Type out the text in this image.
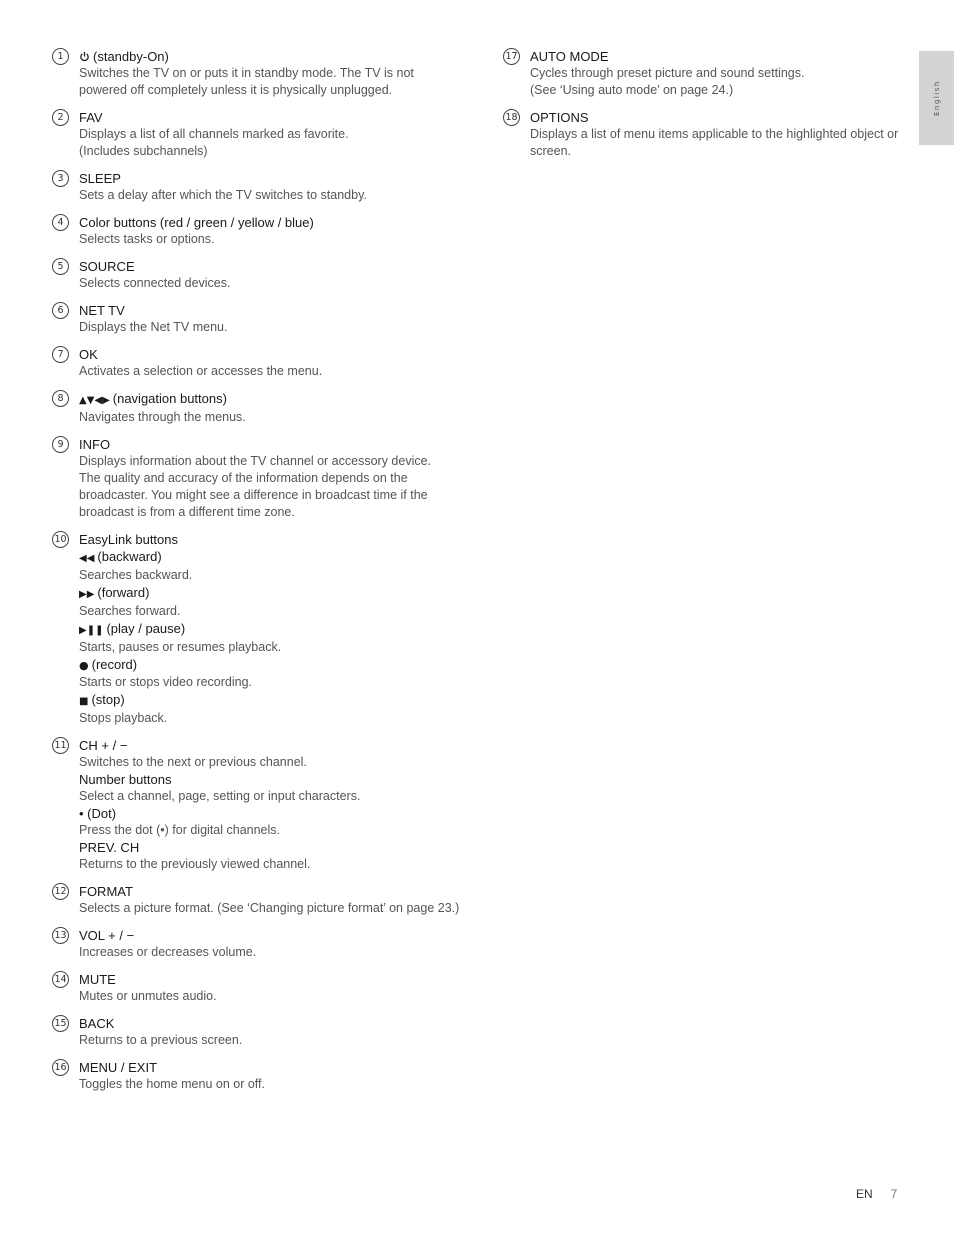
English
1	(standby-On)

Switches the TV on or puts it in standby mode. The TV is not

powered off completely unless it is physically unplugged.

2	FAV

Displays a list of all channels marked as favorite.

(Includes subchannels)

3	SLEEP

Sets a delay after which the TV switches to standby.

4	Color buttons (red / green / yellow / blue)

Selects tasks or options.

5	SOURCE

Selects connected devices.

6	NET TV

Displays the Net TV menu.

7	OK

Activates a selection or accesses the menu.

8	▲▼◀▶ (navigation buttons)

Navigates through the menus.

9	INFO

Displays information about the TV channel or accessory device.

The quality and accuracy of the information depends on the

broadcaster. You might see a difference in broadcast time if the

broadcast is from a different time zone.

10 EasyLink buttons

◀◀ (backward)

Searches backward.

▶▶ (forward)

Searches forward.

▶❚❚ (play / pause)

Starts, pauses or resumes playback.

● (record)

Starts or stops video recording.

■ (stop)

Stops playback.

11 CH + / −

Switches to the next or previous channel.

Number buttons

Select a channel, page, setting or input characters.

• (Dot)

Press the dot (•) for digital channels.

PREV. CH

Returns to the previously viewed channel.

12 FORMAT

Selects a picture format. (See ‘Changing picture format’ on page 23.)

13 VOL + / −

Increases or decreases volume.

14 MUTE

Mutes or unmutes audio.

15 BACK

Returns to a previous screen.

16 MENU / EXIT

Toggles the home menu on or off.

17 AUTO MODE

Cycles through preset picture and sound settings.

(See ‘Using auto mode’ on page 24.)

18 OPTIONS

Displays a list of menu items applicable to the highlighted object or

screen.

EN 7
